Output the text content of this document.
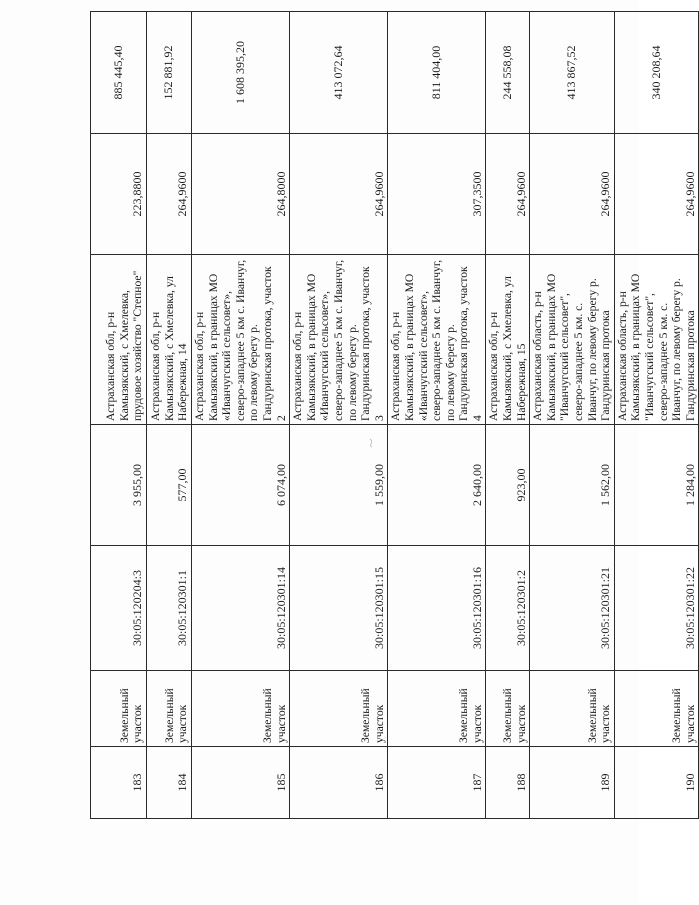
183	Земельный участок	30:05:120204:3	3 955,00	Астраханская обл, р-н Камызякский, с Хмелевка, прудовое хозяйство "Степное"	223,8800	885 445,40
184	Земельный участок	30:05:120301:1	577,00	Астраханская обл, р-н Камызякский, с Хмелевка, ул Набережная, 14	264,9600	152 881,92
185	Земельный участок	30:05:120301:14	6 074,00	Астраханская обл, р-н Камызякский, в границах МО «Иванчугский сельсовет», северо-западнее 5 км с. Иванчуг, по левому берегу р. Гандуринская протока, участок 2	264,8000	1 608 395,20
186	Земельный участок	30:05:120301:15	1 559,00	Астраханская обл, р-н Камызякский, в границах МО «Иванчугский сельсовет», северо-западнее 5 км с. Иванчуг, по левому берегу р. Гандуринская протока, участок 3	264,9600	413 072,64
187	Земельный участок	30:05:120301:16	2 640,00	Астраханская обл, р-н Камызякский, в границах МО «Иванчугский сельсовет», северо-западнее 5 км с. Иванчуг, по левому берегу р. Гандуринская протока, участок 4	307,3500	811 404,00
188	Земельный участок	30:05:120301:2	923,00	Астраханская обл, р-н Камызякский, с Хмелевка, ул Набережная, 15	264,9600	244 558,08
189	Земельный участок	30:05:120301:21	1 562,00	Астраханская область, р-н Камызякский, в границах МО "Иванчугский сельсовет", северо-западнее 5 км. с. Иванчуг, по левому берегу р. Гандуринская протока	264,9600	413 867,52
190	Земельный участок	30:05:120301:22	1 284,00	Астраханская область, р-н Камызякский, в границах МО "Иванчугский сельсовет", северо-западнее 5 км. с. Иванчуг, по левому берегу р. Гандуринская протока	264,9600	340 208,64
